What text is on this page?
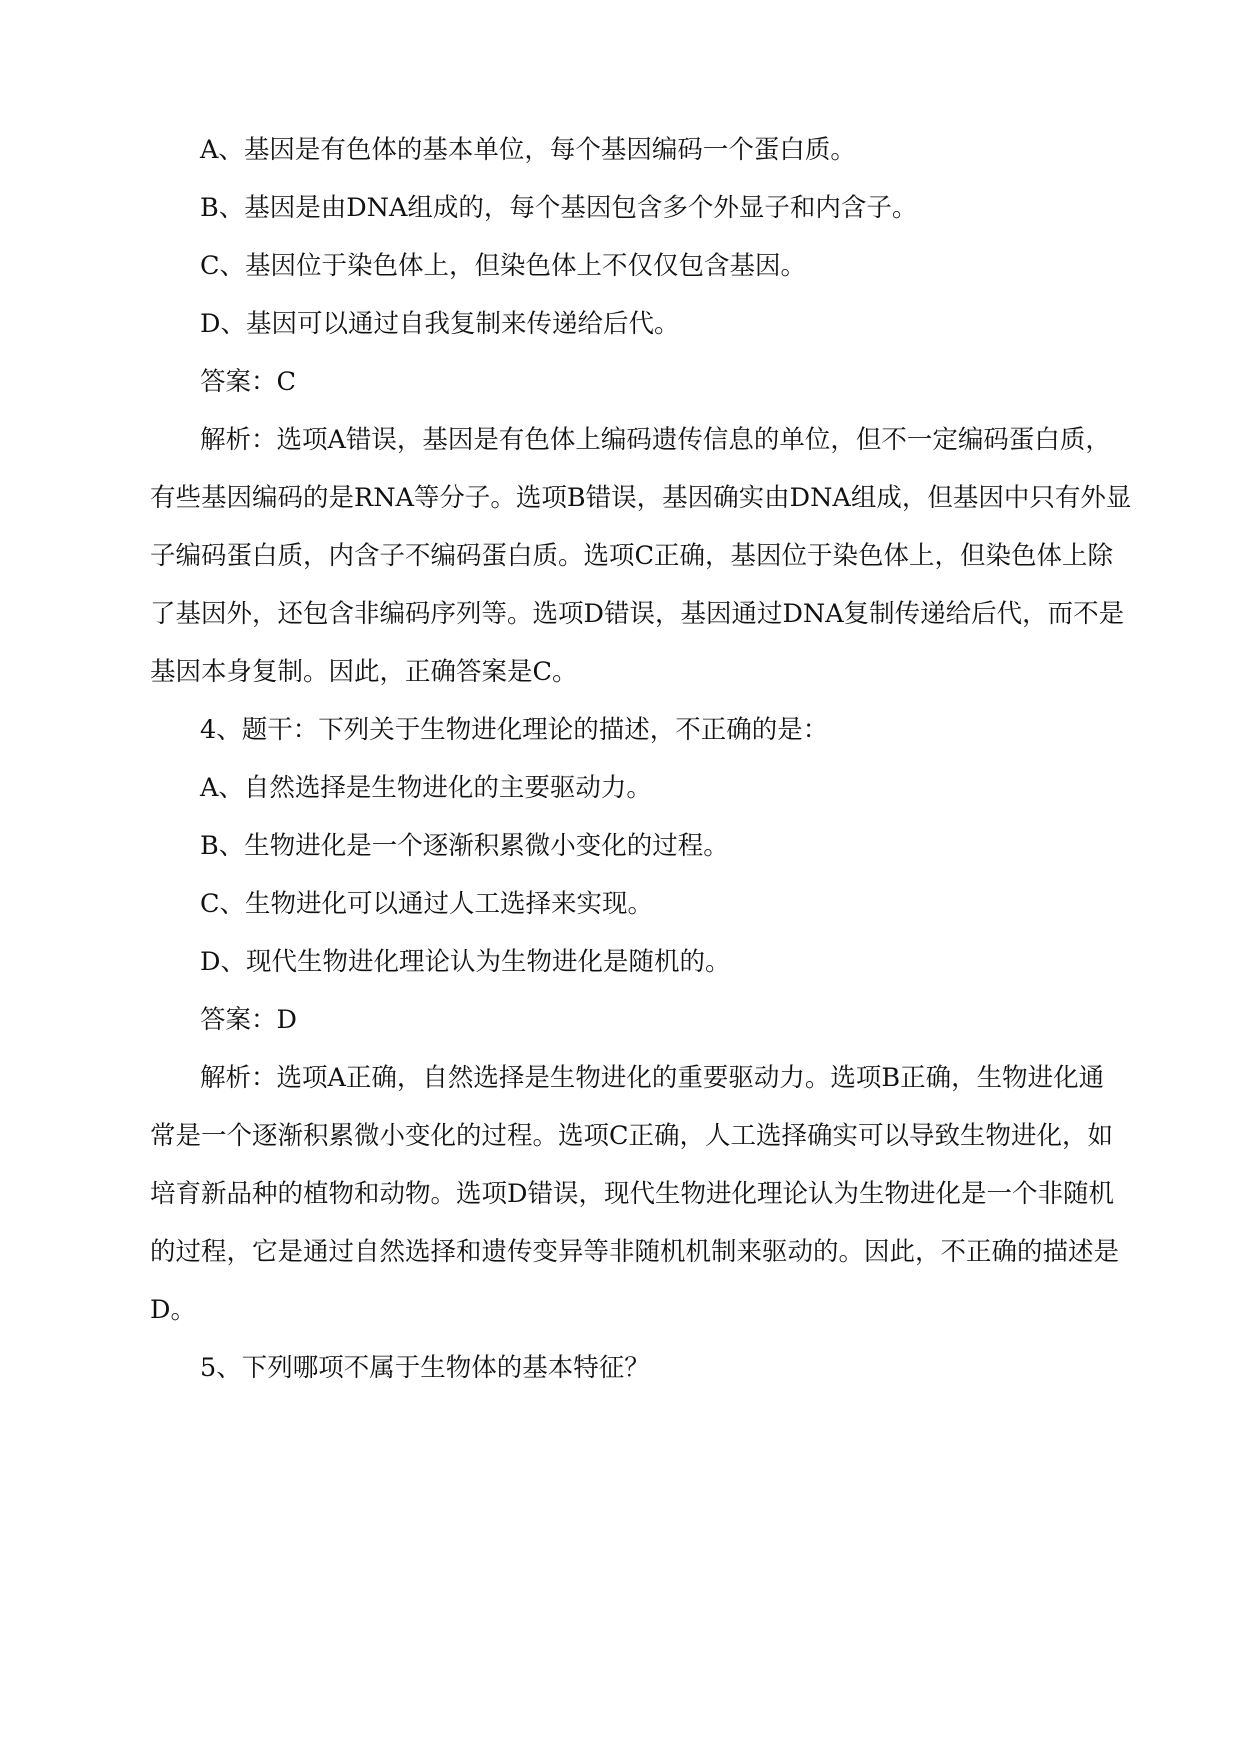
A、基因是有色体的基本单位，每个基因编码一个蛋白质。
B、基因是由DNA组成的，每个基因包含多个外显子和内含子。
C、基因位于染色体上，但染色体上不仅仅包含基因。
D、基因可以通过自我复制来传递给后代。
答案：C
解析：选项A错误，基因是有色体上编码遗传信息的单位，但不一定编码蛋白质，
有些基因编码的是RNA等分子。选项B错误，基因确实由DNA组成，但基因中只有外显
子编码蛋白质，内含子不编码蛋白质。选项C正确，基因位于染色体上，但染色体上除
了基因外，还包含非编码序列等。选项D错误，基因通过DNA复制传递给后代，而不是
基因本身复制。因此，正确答案是C。
4、题干：下列关于生物进化理论的描述，不正确的是：
A、自然选择是生物进化的主要驱动力。
B、生物进化是一个逐渐积累微小变化的过程。
C、生物进化可以通过人工选择来实现。
D、现代生物进化理论认为生物进化是随机的。
答案：D
解析：选项A正确，自然选择是生物进化的重要驱动力。选项B正确，生物进化通
常是一个逐渐积累微小变化的过程。选项C正确，人工选择确实可以导致生物进化，如
培育新品种的植物和动物。选项D错误，现代生物进化理论认为生物进化是一个非随机
的过程，它是通过自然选择和遗传变异等非随机机制来驱动的。因此，不正确的描述是
D。
5、下列哪项不属于生物体的基本特征？
